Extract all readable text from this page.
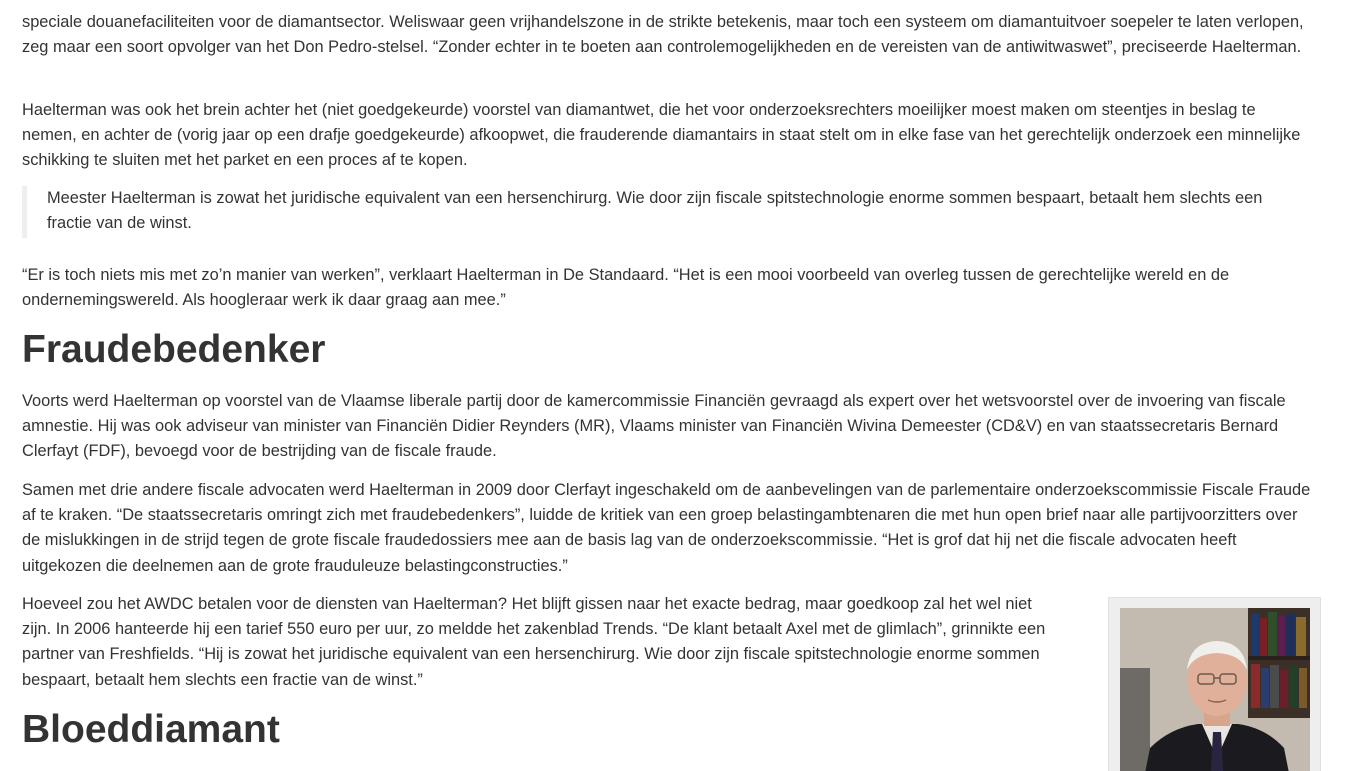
speciale douanefaciliteiten voor de diamantsector. Weliswaar geen vrijhandelszone in de strikte betekenis, maar toch een systeem om diamantuitvoer soepeler te laten verlopen, zeg maar een soort opvolger van het Don Pedro-stelsel. “Zonder echter in te boeten aan controlemogelijkheden en de vereisten van de antiwitwaswet”, preciseerde Haelterman.

Haelterman was ook het brein achter het (niet goedgekeurde) voorstel van diamantwet, die het voor onderzoeksrechters moeilijker moest maken om steentjes in beslag te nemen, en achter de (vorig jaar op een drafje goedgekeurde) afkoopwet, die frauderende diamantairs in staat stelt om in elke fase van het gerechtelijk onderzoek een minnelijke schikking te sluiten met het parket en een proces af te kopen.

Meester Haelterman is zowat het juridische equivalent van een hersenchirurg. Wie door zijn fiscale spitstechnologie enorme sommen bespaart, betaalt hem slechts een fractie van de winst.

“Er is toch niets mis met zo’n manier van werken”, verklaart Haelterman in De Standaard. “Het is een mooi voorbeeld van overleg tussen de gerechtelijke wereld en de ondernemingswereld. Als hoogleraar werk ik daar graag aan mee.”

Fraudebedenker

Voorts werd Haelterman op voorstel van de Vlaamse liberale partij door de kamercommissie Financiën gevraagd als expert over het wetsvoorstel over de invoering van fiscale amnestie. Hij was ook adviseur van minister van Financiën Didier Reynders (MR), Vlaams minister van Financiën Wivina Demeester (CD&V) en van staatssecretaris Bernard Clerfayt (FDF), bevoegd voor de bestrijding van de fiscale fraude.

Samen met drie andere fiscale advocaten werd Haelterman in 2009 door Clerfayt ingeschakeld om de aanbevelingen van de parlementaire onderzoekscommissie Fiscale Fraude af te kraken. “De staatssecretaris omringt zich met fraudebedenkers”, luidde de kritiek van een groep belastingambtenaren die met hun open brief naar alle partijvoorzitters over de mislukkingen in de strijd tegen de grote fiscale fraudedossiers mee aan de basis lag van de onderzoekscommissie. “Het is grof dat hij net die fiscale advocaten heeft uitgekozen die deelnemen aan de grote frauduleuze belastingconstructies.”

Hoeveel zou het AWDC betalen voor de diensten van Haelterman? Het blijft gissen naar het exacte bedrag, maar goedkoop zal het wel niet zijn. In 2006 hanteerde hij een tarief 550 euro per uur, zo meldde het zakenblad Trends. “De klant betaalt Axel met de glimlach”, grinnikte een partner van Freshfields. “Hij is zowat het juridische equivalent van een hersenchirurg. Wie door zijn fiscale spitstechnologie enorme sommen bespaart, betaalt hem slechts een fractie van de winst.”

Bloeddiamant
